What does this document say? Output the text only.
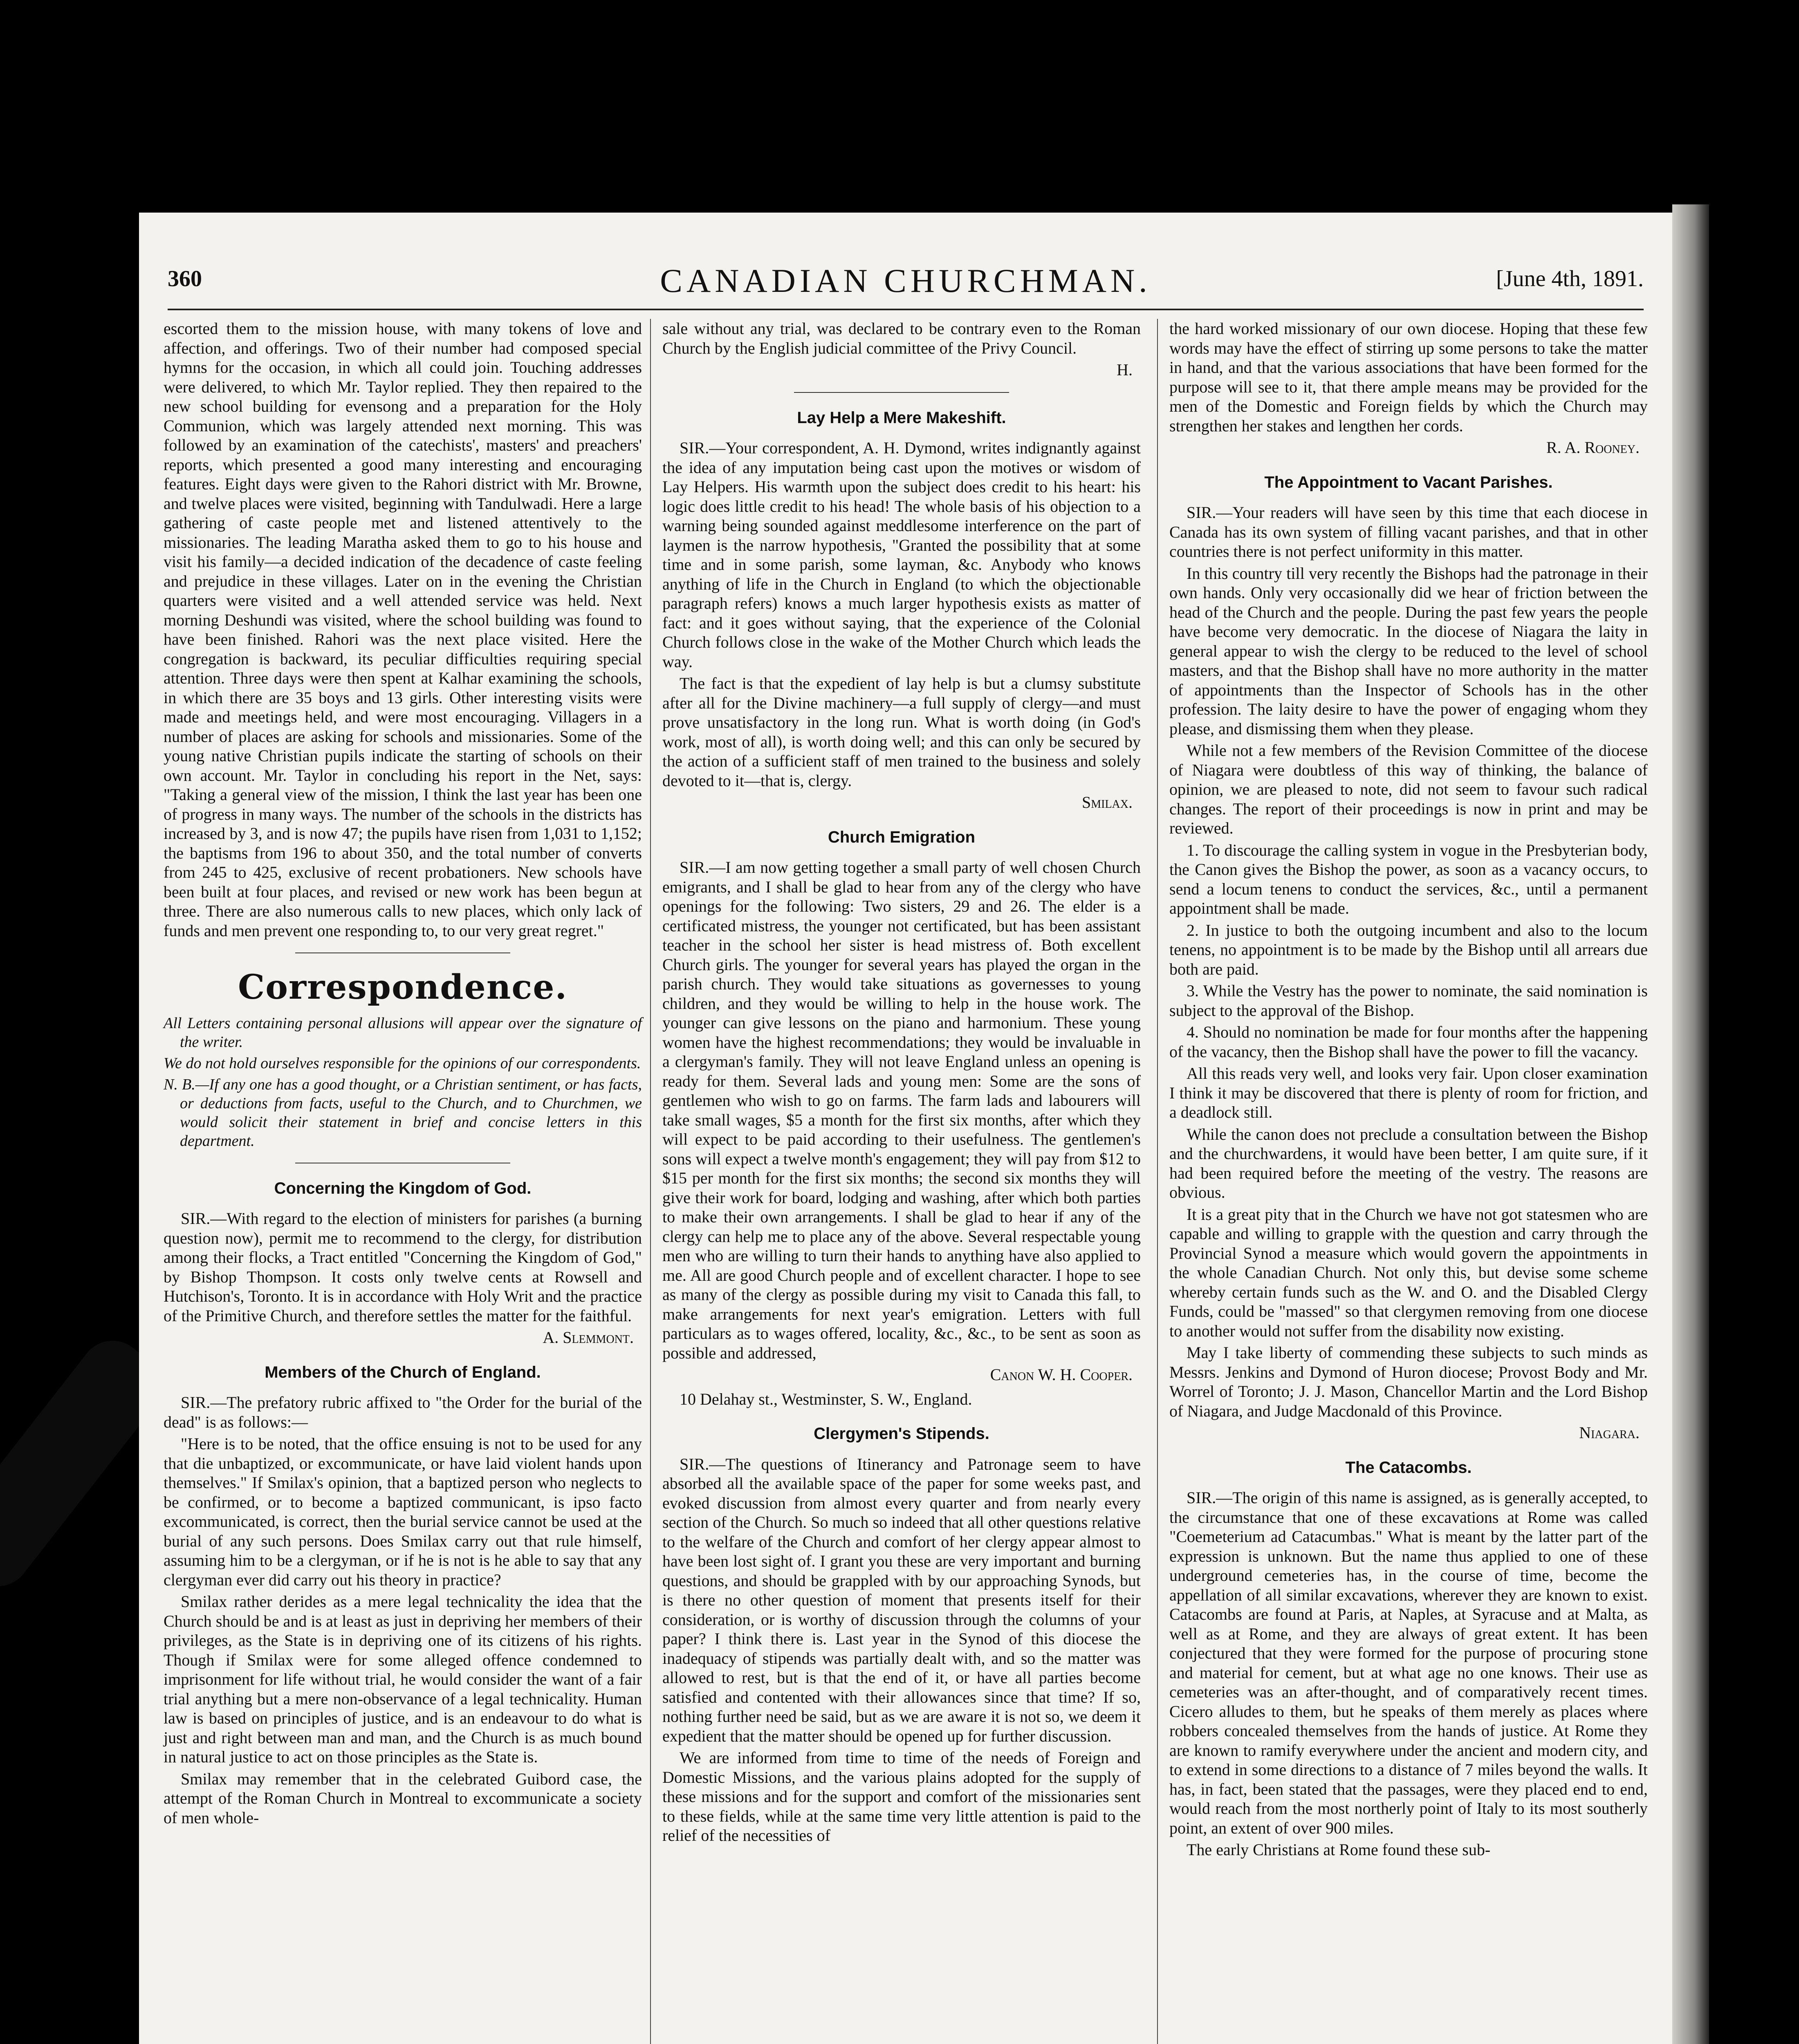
360	CANADIAN CHURCHMAN.	[June 4th, 1891.

escorted them to the mission house, with many tokens of love and affection, and offerings. Two of their number had composed special hymns for the occasion, in which all could join. Touching addresses were delivered, to which Mr. Taylor replied. They then repaired to the new school building for evensong and a preparation for the Holy Communion, which was largely attended next morning. This was followed by an examination of the catechists', masters' and preachers' reports, which presented a good many interesting and encouraging features. Eight days were given to the Rahori district with Mr. Browne, and twelve places were visited, beginning with Tandulwadi. Here a large gathering of caste people met and listened attentively to the missionaries. The leading Maratha asked them to go to his house and visit his family—a decided indication of the decadence of caste feeling and prejudice in these villages. Later on in the evening the Christian quarters were visited and a well attended service was held. Next morning Deshundi was visited, where the school building was found to have been finished. Rahori was the next place visited. Here the congregation is backward, its peculiar difficulties requiring special attention. Three days were then spent at Kalhar examining the schools, in which there are 35 boys and 13 girls. Other interesting visits were made and meetings held, and were most encouraging. Villagers in a number of places are asking for schools and missionaries. Some of the young native Christian pupils indicate the starting of schools on their own account. Mr. Taylor in concluding his report in the Net, says: "Taking a general view of the mission, I think the last year has been one of progress in many ways. The number of the schools in the districts has increased by 3, and is now 47; the pupils have risen from 1,031 to 1,152; the baptisms from 196 to about 350, and the total number of converts from 245 to 425, exclusive of recent probationers. New schools have been built at four places, and revised or new work has been begun at three. There are also numerous calls to new places, which only lack of funds and men prevent one responding to, to our very great regret."

Correspondence.
All Letters containing personal allusions will appear over the signature of the writer.
We do not hold ourselves responsible for the opinions of our correspondents.
N. B.—If any one has a good thought, or a Christian sentiment, or has facts, or deductions from facts, useful to the Church, and to Churchmen, we would solicit their statement in brief and concise letters in this department.
Concerning the Kingdom of God.

SIR.—With regard to the election of ministers for parishes (a burning question now), permit me to recommend to the clergy, for distribution among their flocks, a Tract entitled "Concerning the Kingdom of God," by Bishop Thompson. It costs only twelve cents at Rowsell and Hutchison's, Toronto. It is in accordance with Holy Writ and the practice of the Primitive Church, and therefore settles the matter for the faithful.

A. Slemmont.
Members of the Church of England.

SIR.—The prefatory rubric affixed to "the Order for the burial of the dead" is as follows:—

"Here is to be noted, that the office ensuing is not to be used for any that die unbaptized, or excommunicate, or have laid violent hands upon themselves." If Smilax's opinion, that a baptized person who neglects to be confirmed, or to become a baptized communicant, is ipso facto excommunicated, is correct, then the burial service cannot be used at the burial of any such persons. Does Smilax carry out that rule himself, assuming him to be a clergyman, or if he is not is he able to say that any clergyman ever did carry out his theory in practice?

Smilax rather derides as a mere legal technicality the idea that the Church should be and is at least as just in depriving her members of their privileges, as the State is in depriving one of its citizens of his rights. Though if Smilax were for some alleged offence condemned to imprisonment for life without trial, he would consider the want of a fair trial anything but a mere non-observance of a legal technicality. Human law is based on principles of justice, and is an endeavour to do what is just and right between man and man, and the Church is as much bound in natural justice to act on those principles as the State is.

Smilax may remember that in the celebrated Guibord case, the attempt of the Roman Church in Montreal to excommunicate a society of men whole-

sale without any trial, was declared to be contrary even to the Roman Church by the English judicial committee of the Privy Council.

H.
Lay Help a Mere Makeshift.

SIR.—Your correspondent, A. H. Dymond, writes indignantly against the idea of any imputation being cast upon the motives or wisdom of Lay Helpers. His warmth upon the subject does credit to his heart: his logic does little credit to his head! The whole basis of his objection to a warning being sounded against meddlesome interference on the part of laymen is the narrow hypothesis, "Granted the possibility that at some time and in some parish, some layman, &c. Anybody who knows anything of life in the Church in England (to which the objectionable paragraph refers) knows a much larger hypothesis exists as matter of fact: and it goes without saying, that the experience of the Colonial Church follows close in the wake of the Mother Church which leads the way.

The fact is that the expedient of lay help is but a clumsy substitute after all for the Divine machinery—a full supply of clergy—and must prove unsatisfactory in the long run. What is worth doing (in God's work, most of all), is worth doing well; and this can only be secured by the action of a sufficient staff of men trained to the business and solely devoted to it—that is, clergy.

Smilax.
Church Emigration

SIR.—I am now getting together a small party of well chosen Church emigrants, and I shall be glad to hear from any of the clergy who have openings for the following: Two sisters, 29 and 26. The elder is a certificated mistress, the younger not certificated, but has been assistant teacher in the school her sister is head mistress of. Both excellent Church girls. The younger for several years has played the organ in the parish church. They would take situations as governesses to young children, and they would be willing to help in the house work. The younger can give lessons on the piano and harmonium. These young women have the highest recommendations; they would be invaluable in a clergyman's family. They will not leave England unless an opening is ready for them. Several lads and young men: Some are the sons of gentlemen who wish to go on farms. The farm lads and labourers will take small wages, $5 a month for the first six months, after which they will expect to be paid according to their usefulness. The gentlemen's sons will expect a twelve month's engagement; they will pay from $12 to $15 per month for the first six months; the second six months they will give their work for board, lodging and washing, after which both parties to make their own arrangements. I shall be glad to hear if any of the clergy can help me to place any of the above. Several respectable young men who are willing to turn their hands to anything have also applied to me. All are good Church people and of excellent character. I hope to see as many of the clergy as possible during my visit to Canada this fall, to make arrangements for next year's emigration. Letters with full particulars as to wages offered, locality, &c., &c., to be sent as soon as possible and addressed,

Canon W. H. Cooper.

10 Delahay st., Westminster, S. W., England.

Clergymen's Stipends.

SIR.—The questions of Itinerancy and Patronage seem to have absorbed all the available space of the paper for some weeks past, and evoked discussion from almost every quarter and from nearly every section of the Church. So much so indeed that all other questions relative to the welfare of the Church and comfort of her clergy appear almost to have been lost sight of. I grant you these are very important and burning questions, and should be grappled with by our approaching Synods, but is there no other question of moment that presents itself for their consideration, or is worthy of discussion through the columns of your paper? I think there is. Last year in the Synod of this diocese the inadequacy of stipends was partially dealt with, and so the matter was allowed to rest, but is that the end of it, or have all parties become satisfied and contented with their allowances since that time? If so, nothing further need be said, but as we are aware it is not so, we deem it expedient that the matter should be opened up for further discussion.

We are informed from time to time of the needs of Foreign and Domestic Missions, and the various plains adopted for the supply of these missions and for the support and comfort of the missionaries sent to these fields, while at the same time very little attention is paid to the relief of the necessities of

the hard worked missionary of our own diocese. Hoping that these few words may have the effect of stirring up some persons to take the matter in hand, and that the various associations that have been formed for the purpose will see to it, that there ample means may be provided for the men of the Domestic and Foreign fields by which the Church may strengthen her stakes and lengthen her cords.

R. A. Rooney.
The Appointment to Vacant Parishes.

SIR.—Your readers will have seen by this time that each diocese in Canada has its own system of filling vacant parishes, and that in other countries there is not perfect uniformity in this matter.

In this country till very recently the Bishops had the patronage in their own hands. Only very occasionally did we hear of friction between the head of the Church and the people. During the past few years the people have become very democratic. In the diocese of Niagara the laity in general appear to wish the clergy to be reduced to the level of school masters, and that the Bishop shall have no more authority in the matter of appointments than the Inspector of Schools has in the other profession. The laity desire to have the power of engaging whom they please, and dismissing them when they please.

While not a few members of the Revision Committee of the diocese of Niagara were doubtless of this way of thinking, the balance of opinion, we are pleased to note, did not seem to favour such radical changes. The report of their proceedings is now in print and may be reviewed.

1. To discourage the calling system in vogue in the Presbyterian body, the Canon gives the Bishop the power, as soon as a vacancy occurs, to send a locum tenens to conduct the services, &c., until a permanent appointment shall be made.

2. In justice to both the outgoing incumbent and also to the locum tenens, no appointment is to be made by the Bishop until all arrears due both are paid.

3. While the Vestry has the power to nominate, the said nomination is subject to the approval of the Bishop.

4. Should no nomination be made for four months after the happening of the vacancy, then the Bishop shall have the power to fill the vacancy.

All this reads very well, and looks very fair. Upon closer examination I think it may be discovered that there is plenty of room for friction, and a deadlock still.

While the canon does not preclude a consultation between the Bishop and the churchwardens, it would have been better, I am quite sure, if it had been required before the meeting of the vestry. The reasons are obvious.

It is a great pity that in the Church we have not got statesmen who are capable and willing to grapple with the question and carry through the Provincial Synod a measure which would govern the appointments in the whole Canadian Church. Not only this, but devise some scheme whereby certain funds such as the W. and O. and the Disabled Clergy Funds, could be "massed" so that clergymen removing from one diocese to another would not suffer from the disability now existing.

May I take liberty of commending these subjects to such minds as Messrs. Jenkins and Dymond of Huron diocese; Provost Body and Mr. Worrel of Toronto; J. J. Mason, Chancellor Martin and the Lord Bishop of Niagara, and Judge Macdonald of this Province.

Niagara.
The Catacombs.

SIR.—The origin of this name is assigned, as is generally accepted, to the circumstance that one of these excavations at Rome was called "Coemeterium ad Catacumbas." What is meant by the latter part of the expression is unknown. But the name thus applied to one of these underground cemeteries has, in the course of time, become the appellation of all similar excavations, wherever they are known to exist. Catacombs are found at Paris, at Naples, at Syracuse and at Malta, as well as at Rome, and they are always of great extent. It has been conjectured that they were formed for the purpose of procuring stone and material for cement, but at what age no one knows. Their use as cemeteries was an after-thought, and of comparatively recent times. Cicero alludes to them, but he speaks of them merely as places where robbers concealed themselves from the hands of justice. At Rome they are known to ramify everywhere under the ancient and modern city, and to extend in some directions to a distance of 7 miles beyond the walls. It has, in fact, been stated that the passages, were they placed end to end, would reach from the most northerly point of Italy to its most southerly point, an extent of over 900 miles.

The early Christians at Rome found these sub-
